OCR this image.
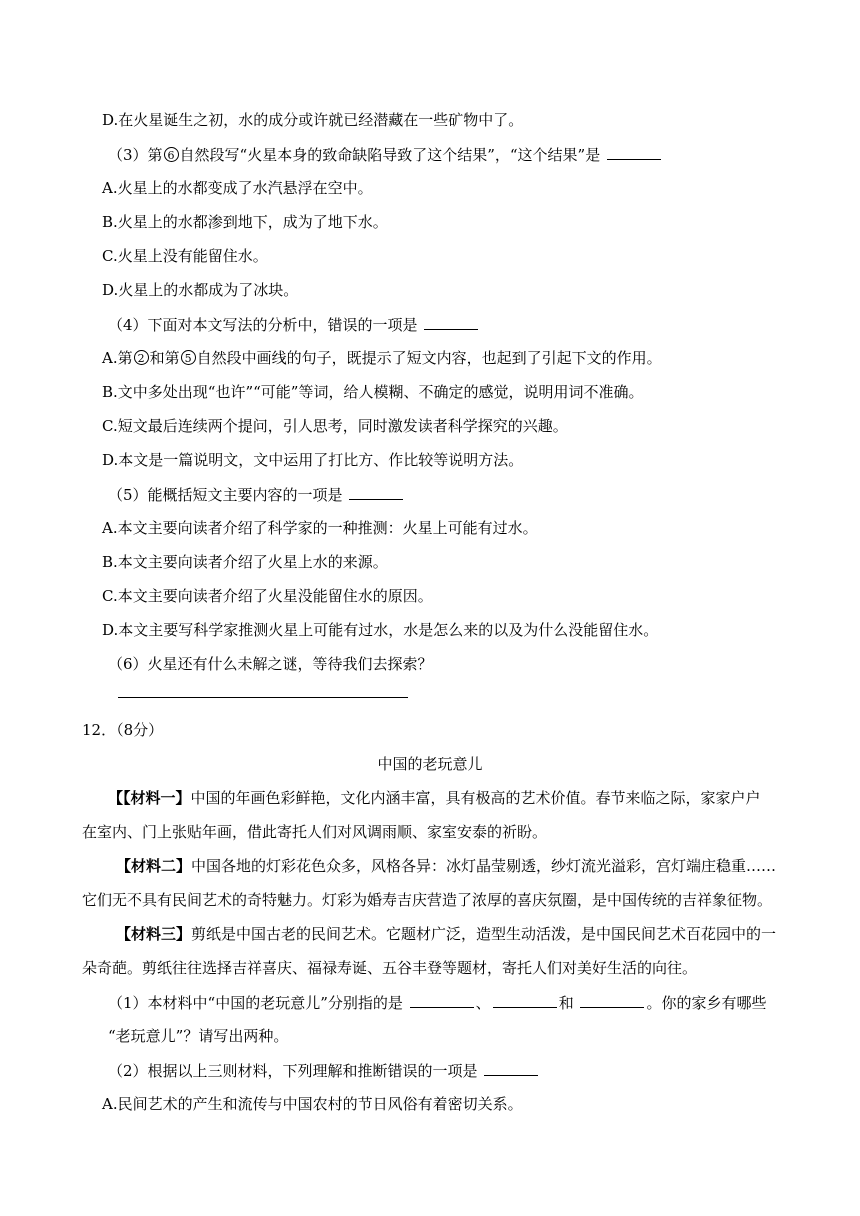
D.在火星诞生之初，水的成分或许就已经潜藏在一些矿物中了。
（3）第 6 自然段写“火星本身的致命缺陷导致了这个结果”，“这个结果”是
A.火星上的水都变成了水汽悬浮在空中。
B.火星上的水都渗到地下，成为了地下水。
C.火星上没有能留住水。
D.火星上的水都成为了冰块。
（4）下面对本文写法的分析中，错误的一项是
A.第 2 和第 5 自然段中画线的句子，既提示了短文内容，也起到了引起下文的作用。
B.文中多处出现“也许”“可能”等词，给人模糊、不确定的感觉，说明用词不准确。
C.短文最后连续两个提问，引人思考，同时激发读者科学探究的兴趣。
D.本文是一篇说明文，文中运用了打比方、作比较等说明方法。
（5）能概括短文主要内容的一项是
A.本文主要向读者介绍了科学家的一种推测：火星上可能有过水。
B.本文主要向读者介绍了火星上水的来源。
C.本文主要向读者介绍了火星没能留住水的原因。
D.本文主要写科学家推测火星上可能有过水，水是怎么来的以及为什么没能留住水。
（6）火星还有什么未解之谜，等待我们去探索？
12．（8分）
中国的老玩意儿
【【材料一】中国的年画色彩鲜艳，文化内涵丰富，具有极高的艺术价值。春节来临之际，家家户户
在室内、门上张贴年画，借此寄托人们对风调雨顺、家室安泰的祈盼。
【材料二】中国各地的灯彩花色众多，风格各异：冰灯晶莹剔透，纱灯流光溢彩，宫灯端庄稳重……
它们无不具有民间艺术的奇特魅力。灯彩为婚寿吉庆营造了浓厚的喜庆氛圈，是中国传统的吉祥象征物。
【材料三】剪纸是中国古老的民间艺术。它题材广泛，造型生动活泼，是中国民间艺术百花园中的一
朵奇葩。剪纸往往选择吉祥喜庆、福禄寿诞、五谷丰登等题材，寄托人们对美好生活的向往。
（1）本材料中“中国的老玩意儿”分别指的是	、	和	。你的家乡有哪些
“老玩意儿”？请写出两种。
（2）根据以上三则材料，下列理解和推断错误的一项是
A.民间艺术的产生和流传与中国农村的节日风俗有着密切关系。
